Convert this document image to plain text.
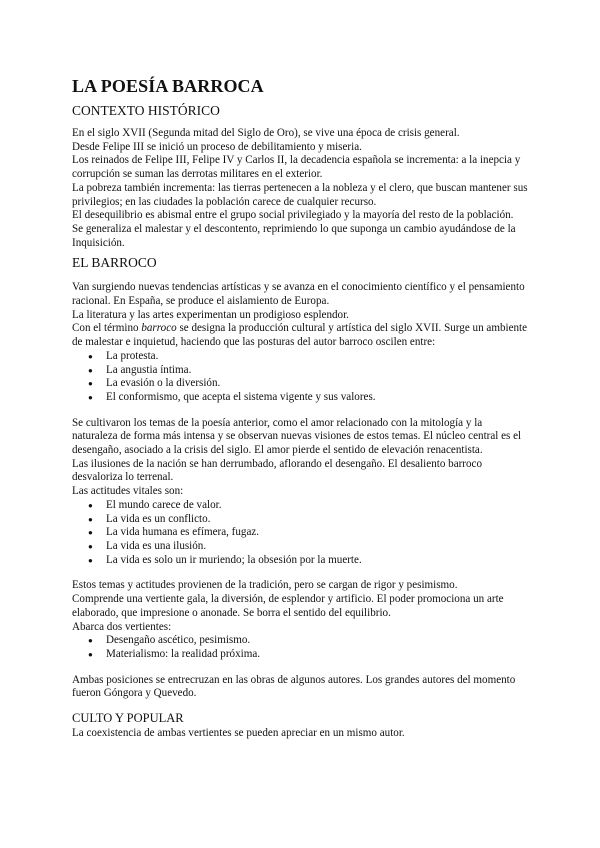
LA POESÍA BARROCA
CONTEXTO HISTÓRICO

En el siglo XVII (Segunda mitad del Siglo de Oro), se vive una época de crisis general.

Desde Felipe III se inició un proceso de debilitamiento y miseria.

Los reinados de Felipe III, Felipe IV y Carlos II, la decadencia española se incrementa: a la inepcia y corrupción se suman las derrotas militares en el exterior.

La pobreza también incrementa: las tierras pertenecen a la nobleza y el clero, que buscan mantener sus privilegios; en las ciudades la población carece de cualquier recurso.

El desequilibrio es abismal entre el grupo social privilegiado y la mayoría del resto de la población.

Se generaliza el malestar y el descontento, reprimiendo lo que suponga un cambio ayudándose de la Inquisición.

EL BARROCO

Van surgiendo nuevas tendencias artísticas y se avanza en el conocimiento científico y el pensamiento racional. En España, se produce el aislamiento de Europa.

La literatura y las artes experimentan un prodigioso esplendor.

Con el término barroco se designa la producción cultural y artística del siglo XVII. Surge un ambiente de malestar e inquietud, haciendo que las posturas del autor barroco oscilen entre:

● La protesta.
● La angustia íntima.
● La evasión o la diversión.
● El conformismo, que acepta el sistema vigente y sus valores.

Se cultivaron los temas de la poesía anterior, como el amor relacionado con la mitología y la naturaleza de forma más intensa y se observan nuevas visiones de estos temas. El núcleo central es el desengaño, asociado a la crisis del siglo. El amor pierde el sentido de elevación renacentista.

Las ilusiones de la nación se han derrumbado, aflorando el desengaño. El desaliento barroco desvaloriza lo terrenal.

Las actitudes vitales son:

● El mundo carece de valor.
● La vida es un conflicto.
● La vida humana es efímera, fugaz.
● La vida es una ilusión.
● La vida es solo un ir muriendo; la obsesión por la muerte.

Estos temas y actitudes provienen de la tradición, pero se cargan de rigor y pesimismo.

Comprende una vertiente gala, la diversión, de esplendor y artificio. El poder promociona un arte elaborado, que impresione o anonade. Se borra el sentido del equilibrio.

Abarca dos vertientes:

● Desengaño ascético, pesimismo.
● Materialismo: la realidad próxima.

Ambas posiciones se entrecruzan en las obras de algunos autores. Los grandes autores del momento fueron Góngora y Quevedo.

CULTO Y POPULAR

La coexistencia de ambas vertientes se pueden apreciar en un mismo autor.
